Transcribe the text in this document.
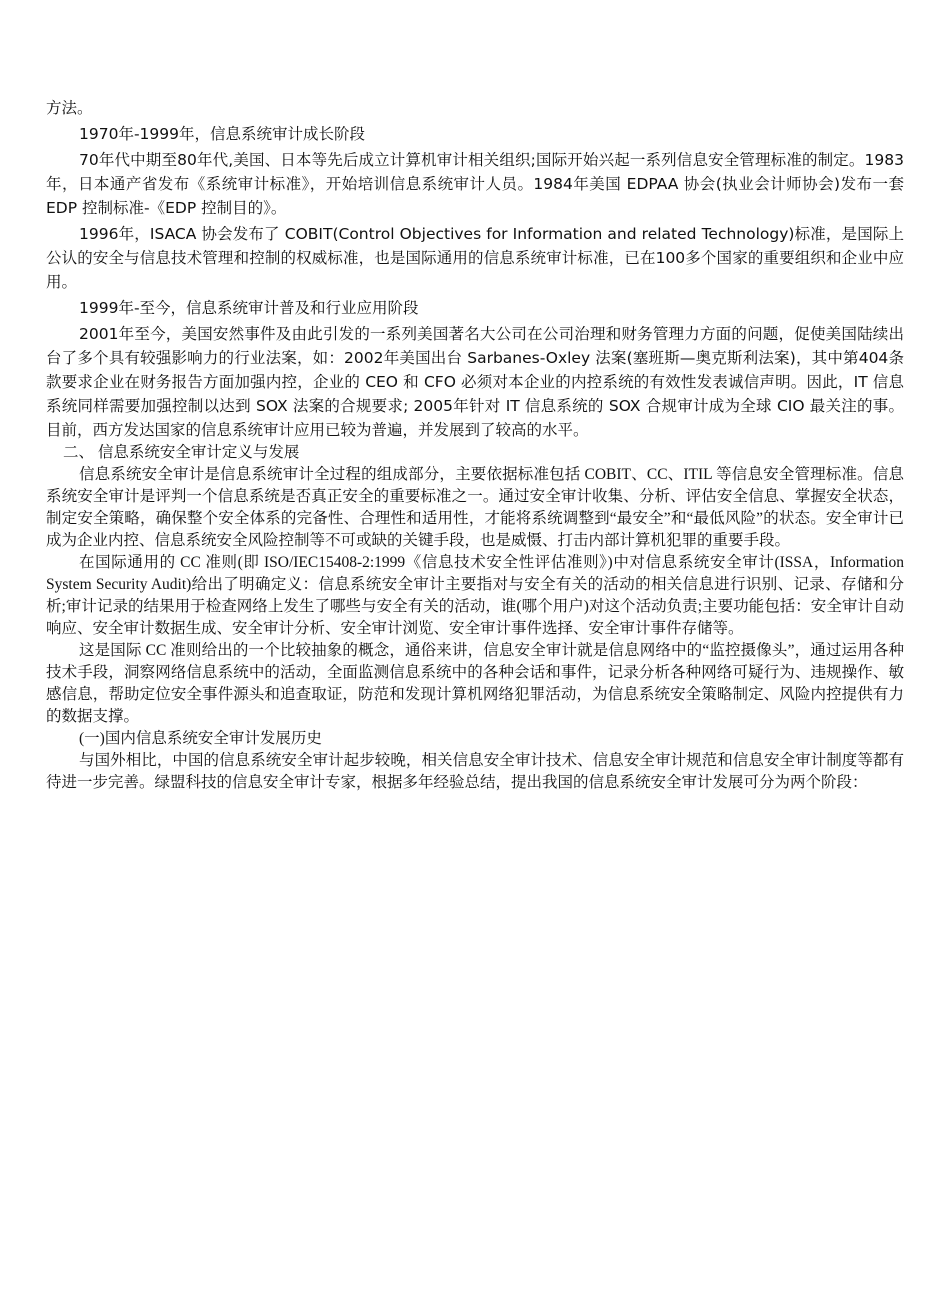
方法。

1970年-1999年，信息系统审计成长阶段

70年代中期至80年代,美国、日本等先后成立计算机审计相关组织;国际开始兴起一系列信息安全管理标准的制定。1983年，日本通产省发布《系统审计标准》，开始培训信息系统审计人员。1984年美国 EDPAA 协会(执业会计师协会)发布一套 EDP 控制标准-《EDP 控制目的》。

1996年，ISACA 协会发布了 COBIT(Control Objectives for Information and related Technology)标准，是国际上公认的安全与信息技术管理和控制的权威标准，也是国际通用的信息系统审计标准，已在100多个国家的重要组织和企业中应用。

1999年-至今，信息系统审计普及和行业应用阶段

2001年至今，美国安然事件及由此引发的一系列美国著名大公司在公司治理和财务管理力方面的问题，促使美国陆续出台了多个具有较强影响力的行业法案，如：2002年美国出台 Sarbanes-Oxley 法案(塞班斯—奥克斯利法案)，其中第404条款要求企业在财务报告方面加强内控，企业的 CEO 和 CFO 必须对本企业的内控系统的有效性发表诚信声明。因此，IT 信息系统同样需要加强控制以达到 SOX 法案的合规要求; 2005年针对 IT 信息系统的 SOX 合规审计成为全球 CIO 最关注的事。目前，西方发达国家的信息系统审计应用已较为普遍，并发展到了较高的水平。

二、 信息系统安全审计定义与发展

信息系统安全审计是信息系统审计全过程的组成部分，主要依据标准包括 COBIT、CC、ITIL 等信息安全管理标准。信息系统安全审计是评判一个信息系统是否真正安全的重要标准之一。通过安全审计收集、分析、评估安全信息、掌握安全状态，制定安全策略，确保整个安全体系的完备性、合理性和适用性，才能将系统调整到“最安全”和“最低风险”的状态。安全审计已成为企业内控、信息系统安全风险控制等不可或缺的关键手段，也是威慑、打击内部计算机犯罪的重要手段。

在国际通用的 CC 准则(即 ISO/IEC15408-2:1999《信息技术安全性评估准则》)中对信息系统安全审计(ISSA，Information System Security Audit)给出了明确定义：信息系统安全审计主要指对与安全有关的活动的相关信息进行识别、记录、存储和分析;审计记录的结果用于检查网络上发生了哪些与安全有关的活动，谁(哪个用户)对这个活动负责;主要功能包括：安全审计自动响应、安全审计数据生成、安全审计分析、安全审计浏览、安全审计事件选择、安全审计事件存储等。

这是国际 CC 准则给出的一个比较抽象的概念，通俗来讲，信息安全审计就是信息网络中的“监控摄像头”，通过运用各种技术手段，洞察网络信息系统中的活动，全面监测信息系统中的各种会话和事件，记录分析各种网络可疑行为、违规操作、敏感信息，帮助定位安全事件源头和追查取证，防范和发现计算机网络犯罪活动，为信息系统安全策略制定、风险内控提供有力的数据支撑。

(一)国内信息系统安全审计发展历史

与国外相比，中国的信息系统安全审计起步较晚，相关信息安全审计技术、信息安全审计规范和信息安全审计制度等都有待进一步完善。绿盟科技的信息安全审计专家，根据多年经验总结，提出我国的信息系统安全审计发展可分为两个阶段：
